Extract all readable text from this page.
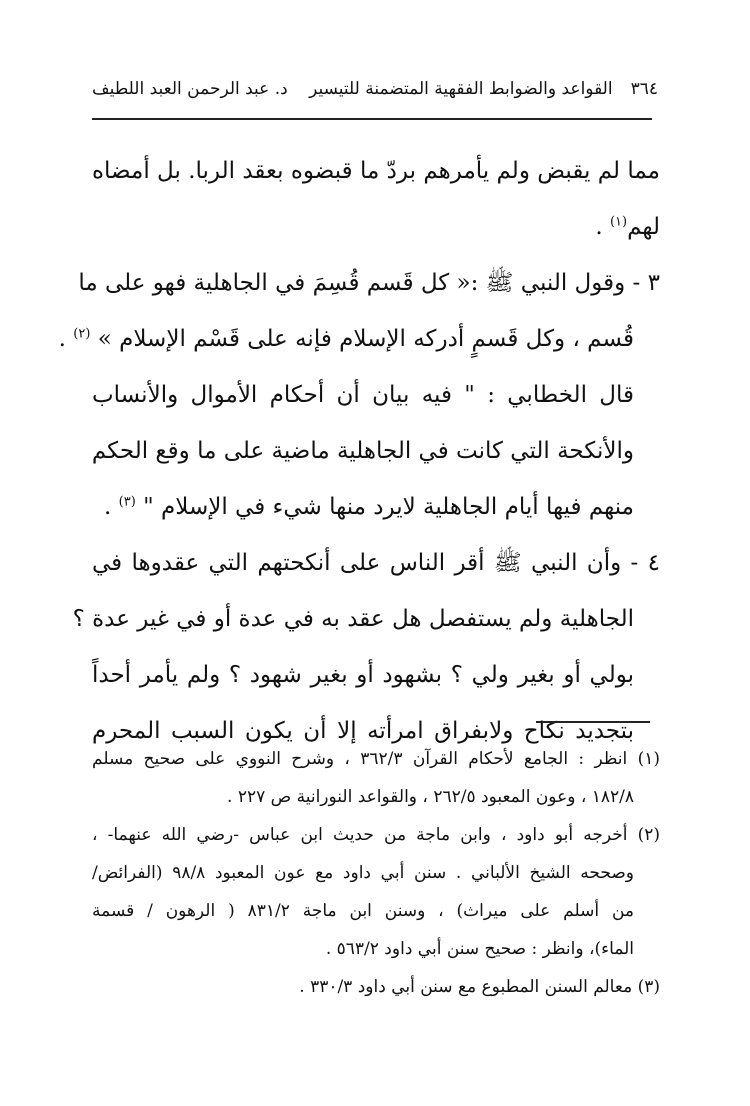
٣٦٤
القواعد والضوابط الفقهية المتضمنة للتيسير
د. عبد الرحمن العبد اللطيف

مما لم يقبض ولم يأمرهم بردّ ما قبضوه بعقد الربا. بل أمضاه
لهم$^{(١)}$ .

٣ - وقول النبي ﷺ :« كل قَسم قُسِمَ في الجاهلية فهو على ما
قُسم ، وكل قَسمٍ أدركه الإسلام فإنه على قَسْم الإسلام » $^{(٢)}$ .

قال الخطابي : " فيه بيان أن أحكام الأموال والأنساب
والأنكحة التي كانت في الجاهلية ماضية على ما وقع الحكم
منهم فيها أيام الجاهلية لايرد منها شيء في الإسلام " $^{(٣)}$ .

٤ - وأن النبي ﷺ أقر الناس على أنكحتهم التي عقدوها في
الجاهلية ولم يستفصل هل عقد به في عدة أو في غير عدة ؟
بولي أو بغير ولي ؟ بشهود أو بغير شهود ؟ ولم يأمر أحداً
بتجديد نكاح ولابفراق امرأته إلا أن يكون السبب المحرم

(١) انظر : الجامع لأحكام القرآن ٣٦٢/٣ ، وشرح النووي على صحيح مسلم
١٨٢/٨ ، وعون المعبود ٢٦٢/٥ ، والقواعد النورانية ص ٢٢٧ .
(٢) أخرجه أبو داود ، وابن ماجة من حديث ابن عباس -رضي الله عنهما- ،
وصححه الشيخ الألباني . سنن أبي داود مع عون المعبود ٩٨/٨ (الفرائض/
من أسلم على ميراث) ، وسنن ابن ماجة ٨٣١/٢ ( الرهون / قسمة
الماء)، وانظر : صحيح سنن أبي داود ٥٦٣/٢ .
(٣) معالم السنن المطبوع مع سنن أبي داود ٣٣٠/٣ .
